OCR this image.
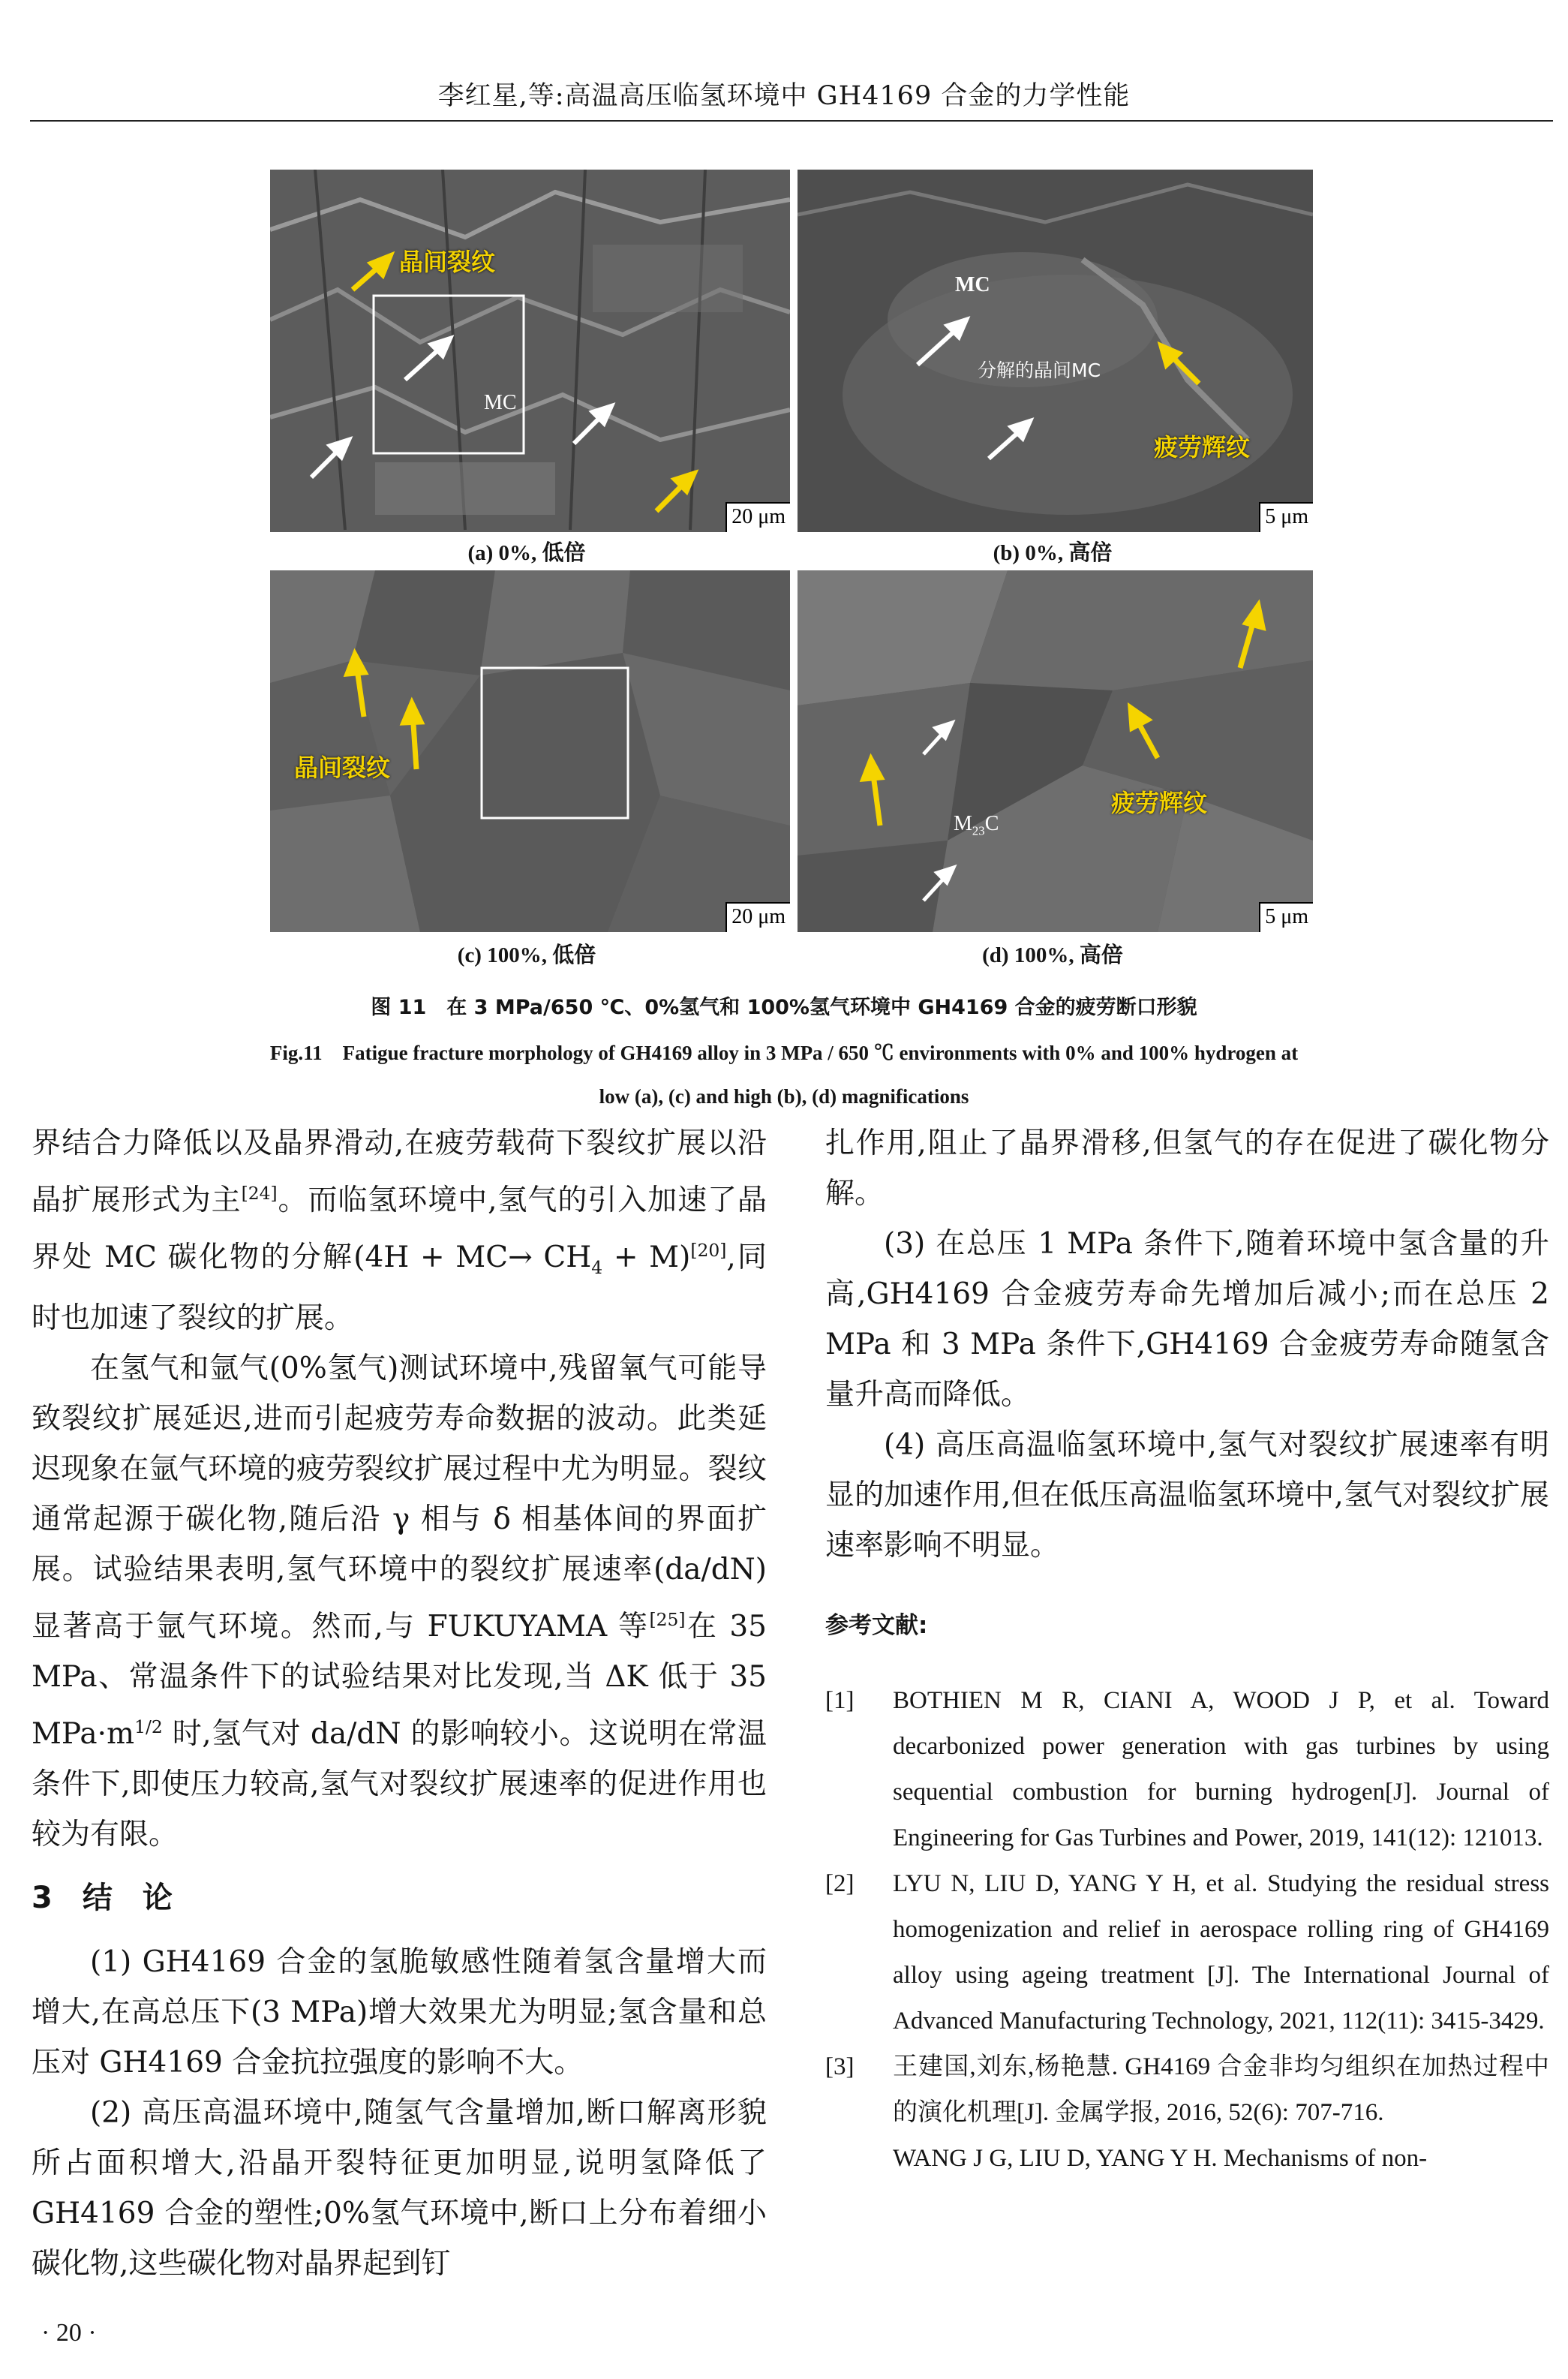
李红星,等:高温高压临氢环境中 GH4169 合金的力学性能
晶间裂纹
MC
20 μm
(a) 0%, 低倍
MC
分解的晶间MC
疲劳辉纹
5 μm
(b) 0%, 高倍
晶间裂纹
20 μm
(c) 100%, 低倍
$M_{23}C$
疲劳辉纹
5 μm
(d) 100%, 高倍
图 11　在 3 MPa/650 ℃、0%氢气和 100%氢气环境中 GH4169 合金的疲劳断口形貌
Fig.11　Fatigue fracture morphology of GH4169 alloy in 3 MPa / 650 ℃ environments with 0% and 100% hydrogen at
low (a), (c) and high (b), (d) magnifications

界结合力降低以及晶界滑动,在疲劳载荷下裂纹扩展以沿晶扩展形式为主[24]。而临氢环境中,氢气的引入加速了晶界处 MC 碳化物的分解$(4H + MC\to CH_4 + M)[20]$,同时也加速了裂纹的扩展。

在氢气和氩气(0%氢气)测试环境中,残留氧气可能导致裂纹扩展延迟,进而引起疲劳寿命数据的波动。此类延迟现象在氩气环境的疲劳裂纹扩展过程中尤为明显。裂纹通常起源于碳化物,随后沿 γ 相与 δ 相基体间的界面扩展。试验结果表明,氢气环境中的裂纹扩展速率(da/dN)显著高于氩气环境。然而,与 FUKUYAMA 等[25]在 35 MPa、常温条件下的试验结果对比发现,当 ΔK 低于 35 $MPa\cdot m^{1/2}$ 时,氢气对 da/dN 的影响较小。这说明在常温条件下,即使压力较高,氢气对裂纹扩展速率的促进作用也较为有限。

3　结　论

(1) GH4169 合金的氢脆敏感性随着氢含量增大而增大,在高总压下(3 MPa)增大效果尤为明显;氢含量和总压对 GH4169 合金抗拉强度的影响不大。

(2) 高压高温环境中,随氢气含量增加,断口解离形貌所占面积增大,沿晶开裂特征更加明显,说明氢降低了 GH4169 合金的塑性;0%氢气环境中,断口上分布着细小碳化物,这些碳化物对晶界起到钉

扎作用,阻止了晶界滑移,但氢气的存在促进了碳化物分解。

(3) 在总压 1 MPa 条件下,随着环境中氢含量的升高,GH4169 合金疲劳寿命先增加后减小;而在总压 2 MPa 和 3 MPa 条件下,GH4169 合金疲劳寿命随氢含量升高而降低。

(4) 高压高温临氢环境中,氢气对裂纹扩展速率有明显的加速作用,但在低压高温临氢环境中,氢气对裂纹扩展速率影响不明显。

参考文献:

[1]	BOTHIEN M R, CIANI A, WOOD J P, et al. Toward decarbonized power generation with gas turbines by using sequential combustion for burning hydrogen[J]. Journal of Engineering for Gas Turbines and Power, 2019, 141(12): 121013.
[2]	LYU N, LIU D, YANG Y H, et al. Studying the residual stress homogenization and relief in aerospace rolling ring of GH4169 alloy using ageing treatment [J]. The International Journal of Advanced Manufacturing Technology, 2021, 112(11): 3415-3429.
[3]	王建国,刘东,杨艳慧. GH4169 合金非均匀组织在加热过程中的演化机理[J]. 金属学报, 2016, 52(6): 707-716.
WANG J G, LIU D, YANG Y H. Mechanisms of non-
· 20 ·
